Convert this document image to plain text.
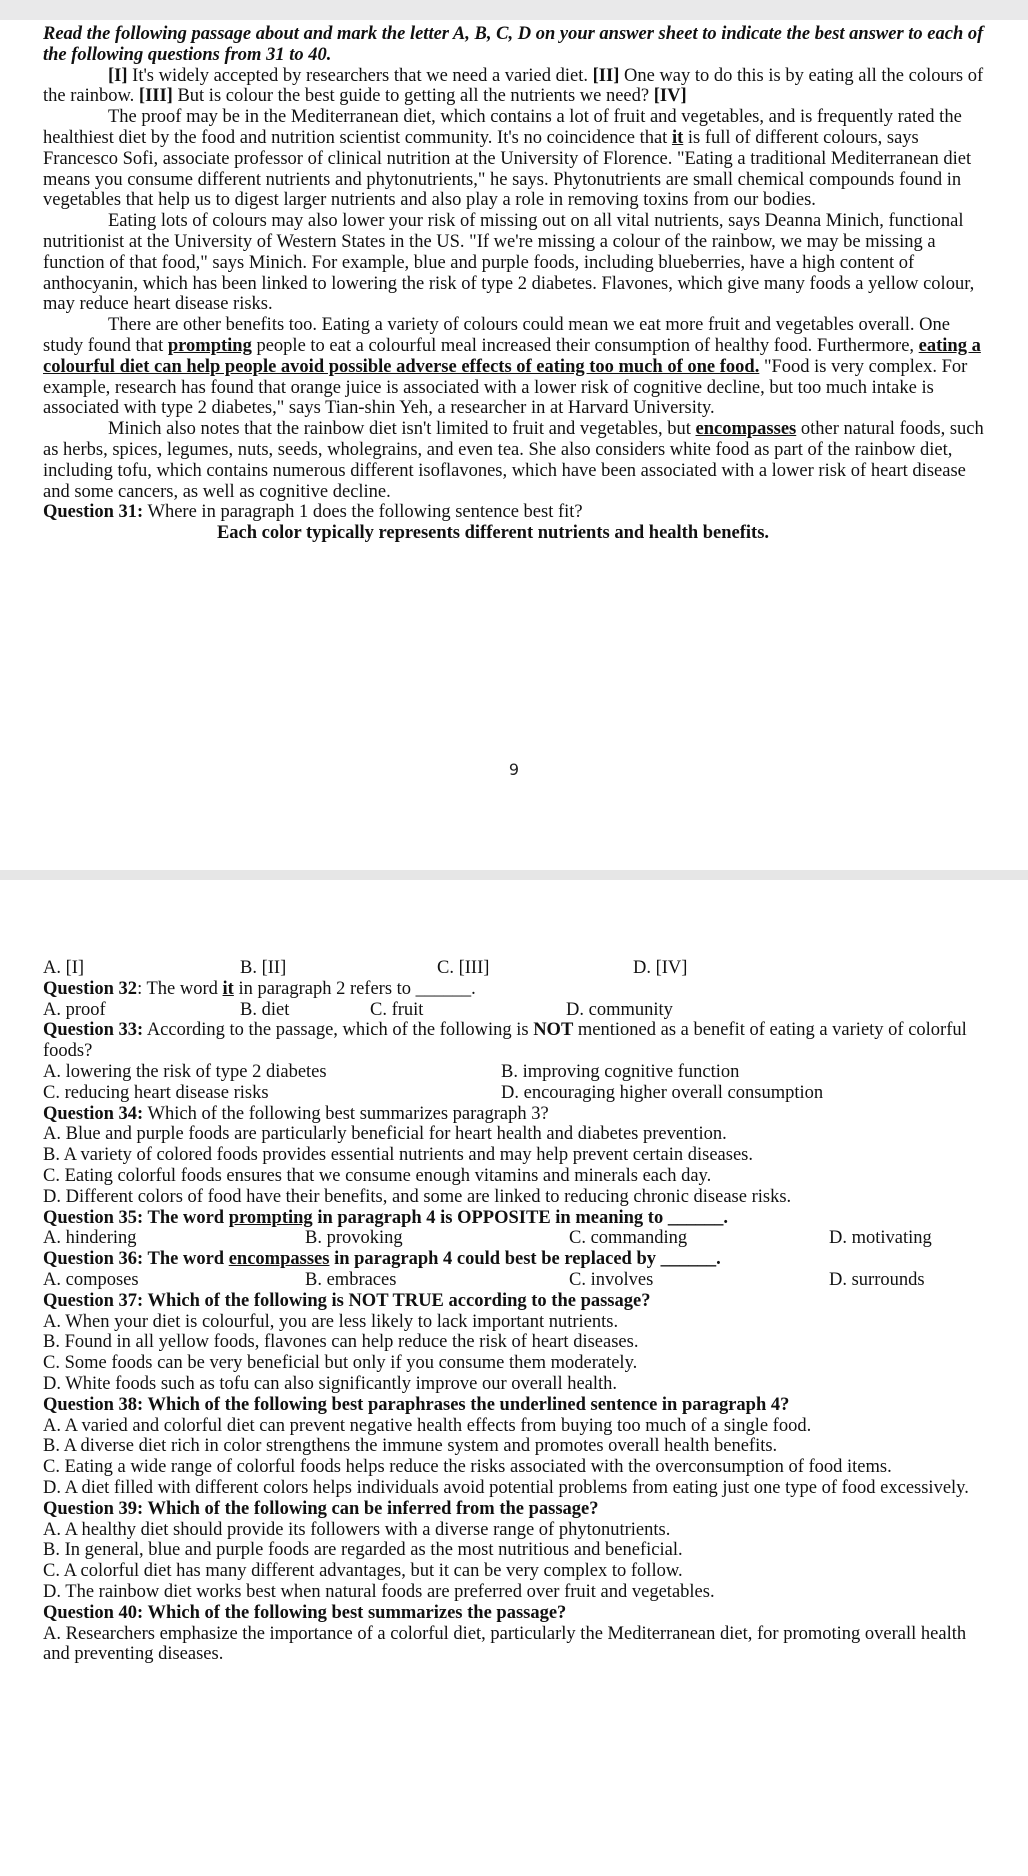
Read the following passage about and mark the letter A, B, C, D on your answer sheet to indicate the best answer to each of the following questions from 31 to 40.

[I] It's widely accepted by researchers that we need a varied diet. [II] One way to do this is by eating all the colours of the rainbow. [III] But is colour the best guide to getting all the nutrients we need? [IV]

The proof may be in the Mediterranean diet, which contains a lot of fruit and vegetables, and is frequently rated the healthiest diet by the food and nutrition scientist community. It's no coincidence that it is full of different colours, says Francesco Sofi, associate professor of clinical nutrition at the University of Florence. "Eating a traditional Mediterranean diet means you consume different nutrients and phytonutrients," he says. Phytonutrients are small chemical compounds found in vegetables that help us to digest larger nutrients and also play a role in removing toxins from our bodies.

Eating lots of colours may also lower your risk of missing out on all vital nutrients, says Deanna Minich, functional nutritionist at the University of Western States in the US. "If we're missing a colour of the rainbow, we may be missing a function of that food," says Minich. For example, blue and purple foods, including blueberries, have a high content of anthocyanin, which has been linked to lowering the risk of type 2 diabetes. Flavones, which give many foods a yellow colour, may reduce heart disease risks.

There are other benefits too. Eating a variety of colours could mean we eat more fruit and vegetables overall. One study found that prompting people to eat a colourful meal increased their consumption of healthy food. Furthermore, eating a colourful diet can help people avoid possible adverse effects of eating too much of one food. "Food is very complex. For example, research has found that orange juice is associated with a lower risk of cognitive decline, but too much intake is associated with type 2 diabetes," says Tian-shin Yeh, a researcher in at Harvard University.

Minich also notes that the rainbow diet isn't limited to fruit and vegetables, but encompasses other natural foods, such as herbs, spices, legumes, nuts, seeds, wholegrains, and even tea. She also considers white food as part of the rainbow diet, including tofu, which contains numerous different isoflavones, which have been associated with a lower risk of heart disease and some cancers, as well as cognitive decline.

Question 31: Where in paragraph 1 does the following sentence best fit?

Each color typically represents different nutrients and health benefits.

9
A. [I]	B. [II]	C. [III]	D. [IV]

Question 32: The word it in paragraph 2 refers to ______.

A. proof	B. diet	C. fruit	D. community

Question 33: According to the passage, which of the following is NOT mentioned as a benefit of eating a variety of colorful foods?

A. lowering the risk of type 2 diabetes	B. improving cognitive function
C. reducing heart disease risks	D. encouraging higher overall consumption

Question 34: Which of the following best summarizes paragraph 3?

A. Blue and purple foods are particularly beneficial for heart health and diabetes prevention.

B. A variety of colored foods provides essential nutrients and may help prevent certain diseases.

C. Eating colorful foods ensures that we consume enough vitamins and minerals each day.

D. Different colors of food have their benefits, and some are linked to reducing chronic disease risks.

Question 35: The word prompting in paragraph 4 is OPPOSITE in meaning to ______.

A. hindering	B. provoking	C. commanding	D. motivating

Question 36: The word encompasses in paragraph 4 could best be replaced by ______.

A. composes	B. embraces	C. involves	D. surrounds

Question 37: Which of the following is NOT TRUE according to the passage?

A. When your diet is colourful, you are less likely to lack important nutrients.

B. Found in all yellow foods, flavones can help reduce the risk of heart diseases.

C. Some foods can be very beneficial but only if you consume them moderately.

D. White foods such as tofu can also significantly improve our overall health.

Question 38: Which of the following best paraphrases the underlined sentence in paragraph 4?

A. A varied and colorful diet can prevent negative health effects from buying too much of a single food.

B. A diverse diet rich in color strengthens the immune system and promotes overall health benefits.

C. Eating a wide range of colorful foods helps reduce the risks associated with the overconsumption of food items.

D. A diet filled with different colors helps individuals avoid potential problems from eating just one type of food excessively.

Question 39: Which of the following can be inferred from the passage?

A. A healthy diet should provide its followers with a diverse range of phytonutrients.

B. In general, blue and purple foods are regarded as the most nutritious and beneficial.

C. A colorful diet has many different advantages, but it can be very complex to follow.

D. The rainbow diet works best when natural foods are preferred over fruit and vegetables.

Question 40: Which of the following best summarizes the passage?

A. Researchers emphasize the importance of a colorful diet, particularly the Mediterranean diet, for promoting overall health and preventing diseases.
